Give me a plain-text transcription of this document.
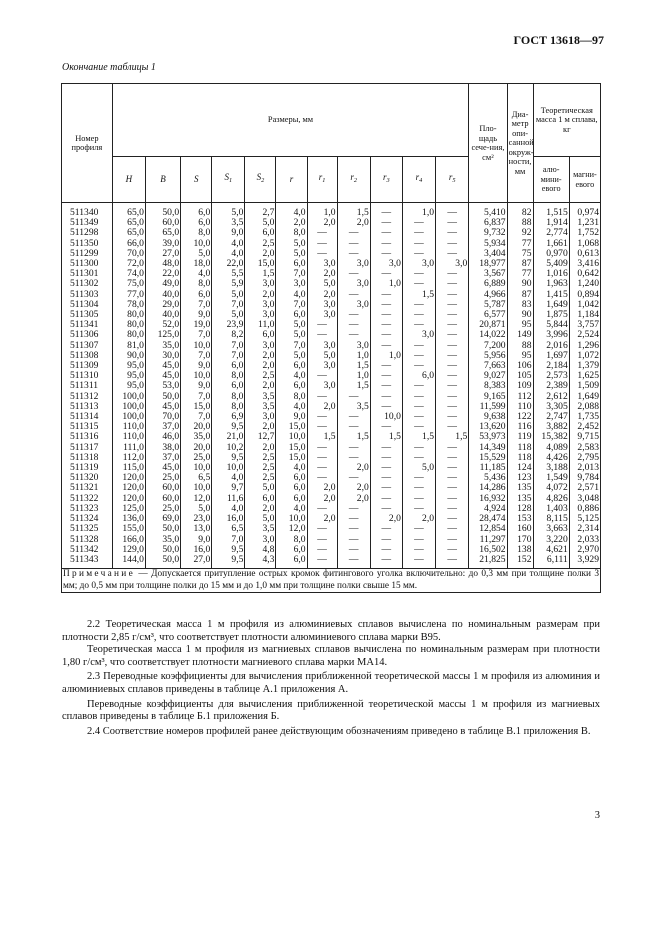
ГОСТ 13618—97
Окончание таблицы 1
Номер профиля	Размеры, мм											Пло-щадь сече-ния, см²	Диа-метр опи-санной окруж-ности, мм	Теоретическая масса 1 м сплава, кг	
	H	B	S	$S_1$	$S_2$	r	$r_1$	$r_2$	$r_3$	$r_4$	$r_5$			алю-мини-евого	магни-евого
511340	65,0	50,0	6,0	5,0	2,7	4,0	1,0	1,5	—	1,0	—	5,410	82	1,515	0,974
511349	65,0	60,0	6,0	3,5	5,0	2,0	2,0	2,0	—	—	—	6,837	88	1,914	1,231
511298	65,0	65,0	8,0	9,0	6,0	8,0	—	—	—	—	—	9,732	92	2,774	1,752
511350	66,0	39,0	10,0	4,0	2,5	5,0	—	—	—	—	—	5,934	77	1,661	1,068
511299	70,0	27,0	5,0	4,0	2,0	5,0	—	—	—	—	—	3,404	75	0,970	0,613
511300	72,0	48,0	18,0	22,0	15,0	6,0	3,0	3,0	3,0	3,0	3,0	18,977	87	5,409	3,416
511301	74,0	22,0	4,0	5,5	1,5	7,0	2,0	—	—	—	—	3,567	77	1,016	0,642
511302	75,0	49,0	8,0	5,9	3,0	3,0	5,0	3,0	1,0	—	—	6,889	90	1,963	1,240
511303	77,0	40,0	6,0	5,0	2,0	4,0	2,0	—	—	1,5	—	4,966	87	1,415	0,894
511304	78,0	29,0	7,0	7,0	3,0	7,0	3,0	3,0	—	—	—	5,787	83	1,649	1,042
511305	80,0	40,0	9,0	5,0	3,0	6,0	3,0	—	—	—	—	6,577	90	1,875	1,184
511341	80,0	52,0	19,0	23,9	11,0	5,0	—	—	—	—	—	20,871	95	5,844	3,757
511306	80,0	125,0	7,0	8,2	6,0	5,0	—	—	—	3,0	—	14,022	149	3,996	2,524
511307	81,0	35,0	10,0	7,0	3,0	7,0	3,0	3,0	—	—	—	7,200	88	2,016	1,296
511308	90,0	30,0	7,0	7,0	2,0	5,0	5,0	1,0	1,0	—	—	5,956	95	1,697	1,072
511309	95,0	45,0	9,0	6,0	2,0	6,0	3,0	1,5	—	—	—	7,663	106	2,184	1,379
511310	95,0	45,0	10,0	8,0	2,5	4,0	—	1,0	—	6,0	—	9,027	105	2,573	1,625
511311	95,0	53,0	9,0	6,0	2,0	6,0	3,0	1,5	—	—	—	8,383	109	2,389	1,509
511312	100,0	50,0	7,0	8,0	3,5	8,0	—	—	—	—	—	9,165	112	2,612	1,649
511313	100,0	45,0	15,0	8,0	3,5	4,0	2,0	3,5	—	—	—	11,599	110	3,305	2,088
511314	100,0	70,0	7,0	6,9	3,0	9,0	—	—	10,0	—	—	9,638	122	2,747	1,735
511315	110,0	37,0	20,0	9,5	2,0	15,0	—	—	—	—	—	13,620	116	3,882	2,452
511316	110,0	46,0	35,0	21,0	12,7	10,0	1,5	1,5	1,5	1,5	1,5	53,973	119	15,382	9,715
511317	111,0	38,0	20,0	10,2	2,0	15,0	—	—	—	—	—	14,349	118	4,089	2,583
511318	112,0	37,0	25,0	9,5	2,5	15,0	—	—	—	—	—	15,529	118	4,426	2,795
511319	115,0	45,0	10,0	10,0	2,5	4,0	—	2,0	—	5,0	—	11,185	124	3,188	2,013
511320	120,0	25,0	6,5	4,0	2,5	6,0	—	—	—	—	—	5,436	123	1,549	9,784
511321	120,0	60,0	10,0	9,7	5,0	6,0	2,0	2,0	—	—	—	14,286	135	4,072	2,571
511322	120,0	60,0	12,0	11,6	6,0	6,0	2,0	2,0	—	—	—	16,932	135	4,826	3,048
511323	125,0	25,0	5,0	4,0	2,0	4,0	—	—	—	—	—	4,924	128	1,403	0,886
511324	136,0	69,0	23,0	16,0	5,0	10,0	2,0	—	2,0	2,0	—	28,474	153	8,115	5,125
511325	155,0	50,0	13,0	6,5	3,5	12,0	—	—	—	—	—	12,854	160	3,663	2,314
511328	166,0	35,0	9,0	7,0	3,0	8,0	—	—	—	—	—	11,297	170	3,220	2,033
511342	129,0	50,0	16,0	9,5	4,8	6,0	—	—	—	—	—	16,502	138	4,621	2,970
511343	144,0	50,0	27,0	9,5	4,3	6,0	—	—	—	—	—	21,825	152	6,111	3,929
Примечание — Допускается притупление острых кромок фитингового уголка включительно: до 0,3 мм при толщине полки 3 мм; до 0,5 мм при толщине полки до 15 мм и до 1,0 мм при толщине полки свыше 15 мм.															

2.2 Теоретическая масса 1 м профиля из алюминиевых сплавов вычислена по номинальным размерам при плотности 2,85 г/см³, что соответствует плотности алюминиевого сплава марки В95.

Теоретическая масса 1 м профиля из магниевых сплавов вычислена по номинальным размерам при плотности 1,80 г/см³, что соответствует плотности магниевого сплава марки МА14.

2.3 Переводные коэффициенты для вычисления приближенной теоретической массы 1 м профиля из алюминия и алюминиевых сплавов приведены в таблице А.1 приложения А.

Переводные коэффициенты для вычисления приближенной теоретической массы 1 м профиля из магниевых сплавов приведены в таблице Б.1 приложения Б.

2.4 Соответствие номеров профилей ранее действующим обозначениям приведено в таблице В.1 приложения В.

3
